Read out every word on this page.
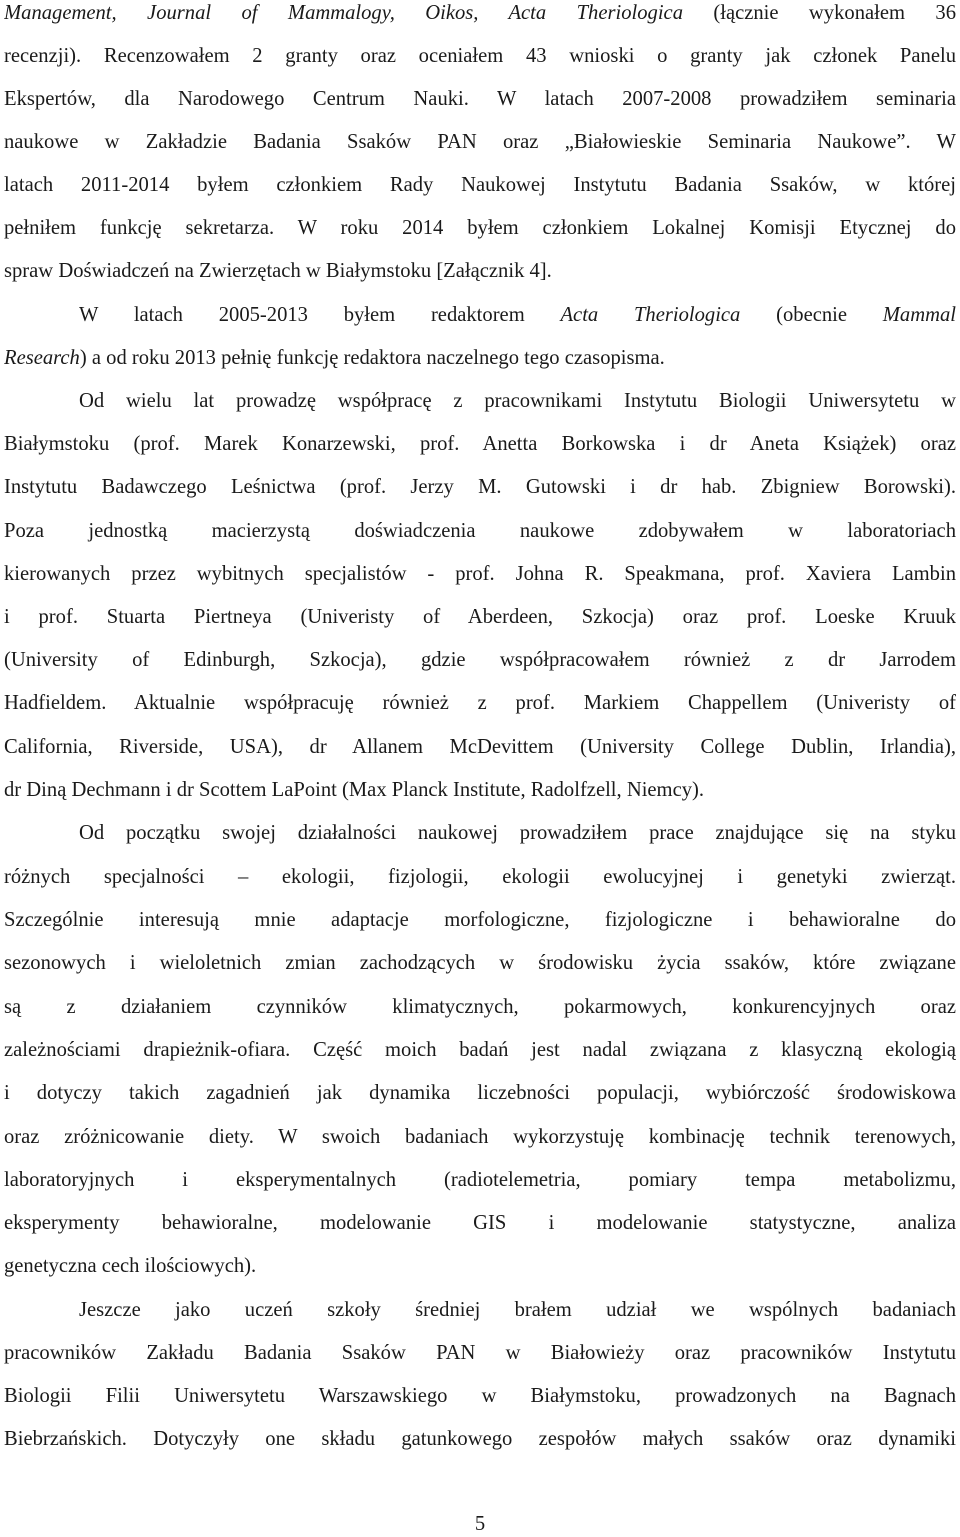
Management, Journal of Mammalogy, Oikos, Acta Theriologica (łącznie wykonałem 36
recenzji). Recenzowałem 2 granty oraz oceniałem 43 wnioski o granty jak członek Panelu
Ekspertów, dla Narodowego Centrum Nauki. W latach 2007-2008 prowadziłem seminaria
naukowe w Zakładzie Badania Ssaków PAN oraz „Białowieskie Seminaria Naukowe”. W
latach 2011-2014 byłem członkiem Rady Naukowej Instytutu Badania Ssaków, w której
pełniłem funkcję sekretarza. W roku 2014 byłem członkiem Lokalnej Komisji Etycznej do
spraw Doświadczeń na Zwierzętach w Białymstoku [Załącznik 4].
W latach 2005-2013 byłem redaktorem Acta Theriologica (obecnie Mammal
Research) a od roku 2013 pełnię funkcję redaktora naczelnego tego czasopisma.
Od wielu lat prowadzę współpracę z pracownikami Instytutu Biologii Uniwersytetu w
Białymstoku (prof. Marek Konarzewski, prof. Anetta Borkowska i dr Aneta Książek) oraz
Instytutu Badawczego Leśnictwa (prof. Jerzy M. Gutowski i dr hab. Zbigniew Borowski).
Poza jednostką macierzystą doświadczenia naukowe zdobywałem w laboratoriach
kierowanych przez wybitnych specjalistów - prof. Johna R. Speakmana, prof. Xaviera Lambin
i prof. Stuarta Piertneya (Univeristy of Aberdeen, Szkocja) oraz prof. Loeske Kruuk
(University of Edinburgh, Szkocja), gdzie współpracowałem również z dr Jarrodem
Hadfieldem. Aktualnie współpracuję również z prof. Markiem Chappellem (Univeristy of
California, Riverside, USA), dr Allanem McDevittem (University College Dublin, Irlandia),
dr Diną Dechmann i dr Scottem LaPoint (Max Planck Institute, Radolfzell, Niemcy).
Od początku swojej działalności naukowej prowadziłem prace znajdujące się na styku
różnych specjalności – ekologii, fizjologii, ekologii ewolucyjnej i genetyki zwierząt.
Szczególnie interesują mnie adaptacje morfologiczne, fizjologiczne i behawioralne do
sezonowych i wieloletnich zmian zachodzących w środowisku życia ssaków, które związane
są z działaniem czynników klimatycznych, pokarmowych, konkurencyjnych oraz
zależnościami drapieżnik-ofiara. Część moich badań jest nadal związana z klasyczną ekologią
i dotyczy takich zagadnień jak dynamika liczebności populacji, wybiórczość środowiskowa
oraz zróżnicowanie diety. W swoich badaniach wykorzystuję kombinację technik terenowych,
laboratoryjnych i eksperymentalnych (radiotelemetria, pomiary tempa metabolizmu,
eksperymenty behawioralne, modelowanie GIS i modelowanie statystyczne, analiza
genetyczna cech ilościowych).
Jeszcze jako uczeń szkoły średniej brałem udział we wspólnych badaniach
pracowników Zakładu Badania Ssaków PAN w Białowieży oraz pracowników Instytutu
Biologii Filii Uniwersytetu Warszawskiego w Białymstoku, prowadzonych na Bagnach
Biebrzańskich. Dotyczyły one składu gatunkowego zespołów małych ssaków oraz dynamiki
5
